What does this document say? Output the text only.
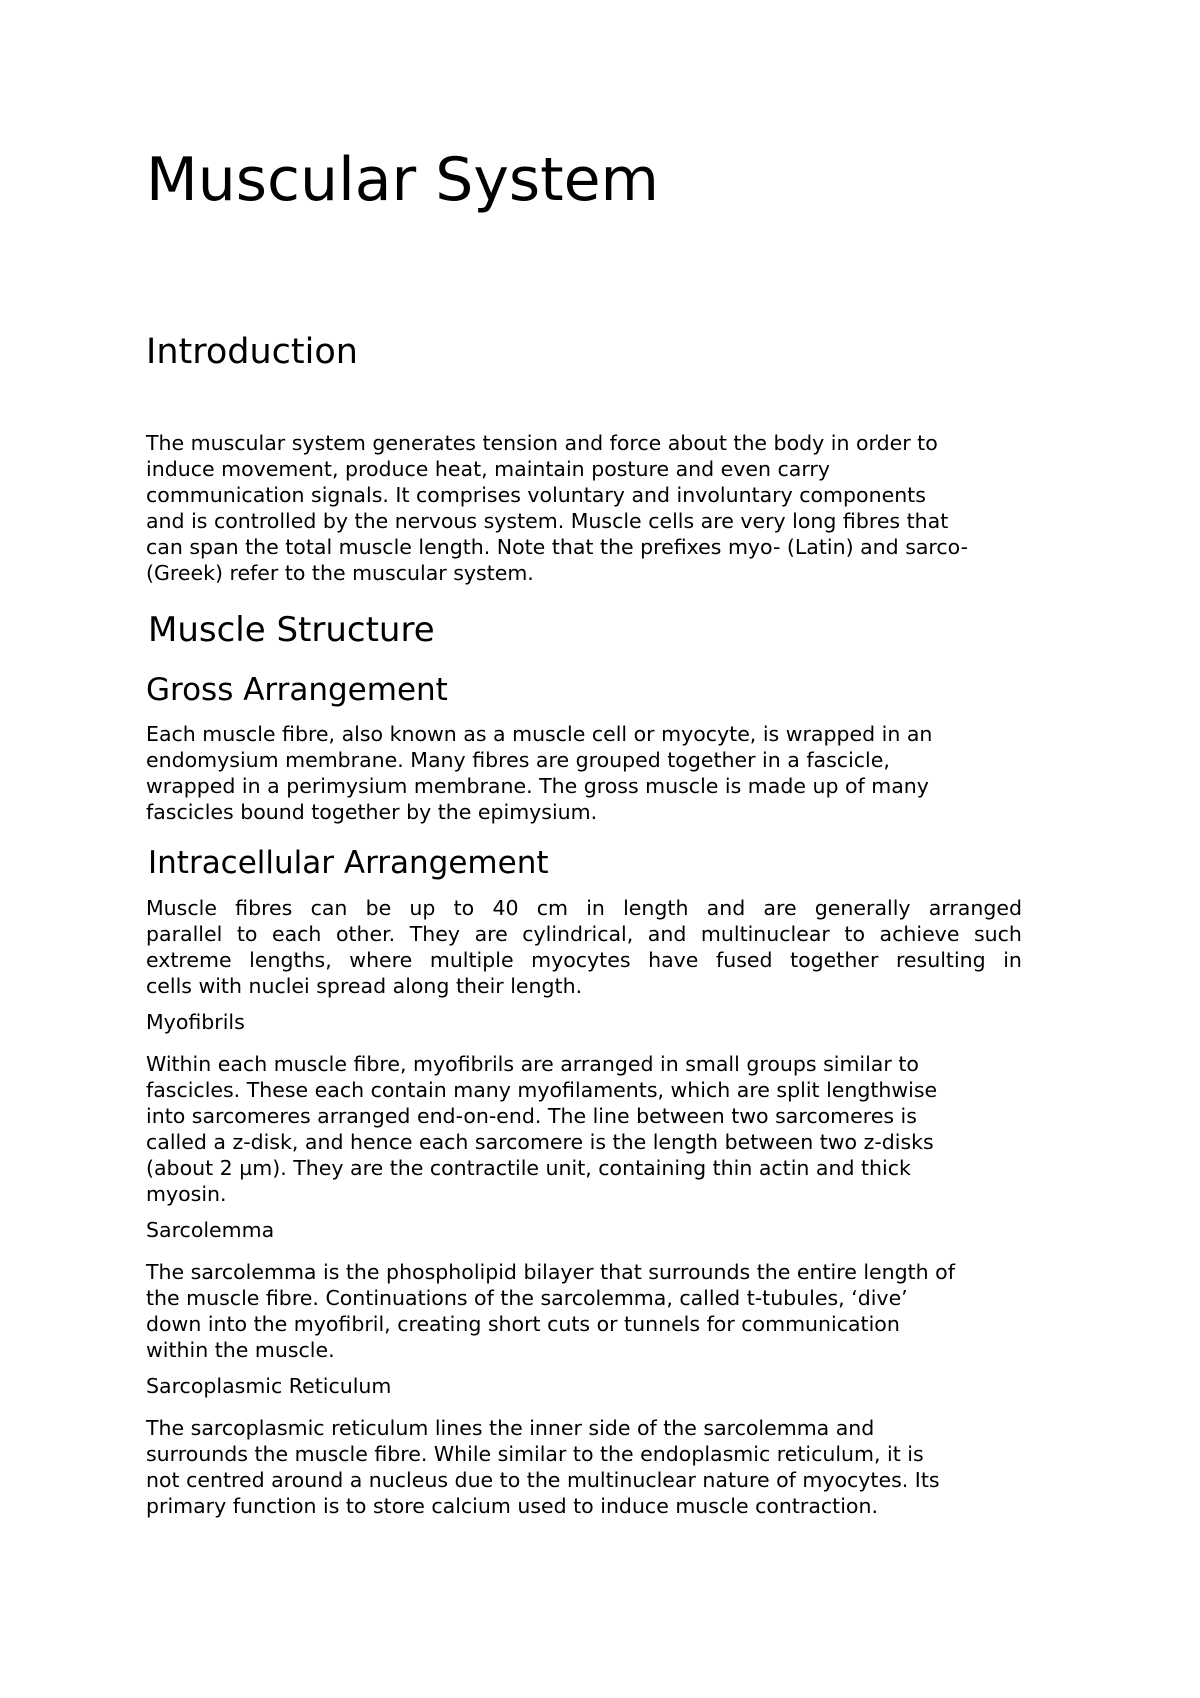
Muscular System
Introduction

The muscular system generates tension and force about the body in order to
induce movement, produce heat, maintain posture and even carry
communication signals. It comprises voluntary and involuntary components
and is controlled by the nervous system. Muscle cells are very long fibres that
can span the total muscle length. Note that the prefixes myo- (Latin) and sarco-
(Greek) refer to the muscular system.

Muscle Structure
Gross Arrangement

Each muscle fibre, also known as a muscle cell or myocyte, is wrapped in an
endomysium membrane. Many fibres are grouped together in a fascicle,
wrapped in a perimysium membrane. The gross muscle is made up of many
fascicles bound together by the epimysium.

Intracellular Arrangement

Muscle fibres can be up to 40 cm in length and are generally arranged
parallel to each other. They are cylindrical, and multinuclear to achieve such
extreme lengths, where multiple myocytes have fused together resulting in
cells with nuclei spread along their length.

Myofibrils

Within each muscle fibre, myofibrils are arranged in small groups similar to
fascicles. These each contain many myofilaments, which are split lengthwise
into sarcomeres arranged end-on-end. The line between two sarcomeres is
called a z-disk, and hence each sarcomere is the length between two z-disks
(about 2 µm). They are the contractile unit, containing thin actin and thick
myosin.

Sarcolemma

The sarcolemma is the phospholipid bilayer that surrounds the entire length of
the muscle fibre. Continuations of the sarcolemma, called t-tubules, ‘dive’
down into the myofibril, creating short cuts or tunnels for communication
within the muscle.

Sarcoplasmic Reticulum

The sarcoplasmic reticulum lines the inner side of the sarcolemma and
surrounds the muscle fibre. While similar to the endoplasmic reticulum, it is
not centred around a nucleus due to the multinuclear nature of myocytes. Its
primary function is to store calcium used to induce muscle contraction.
